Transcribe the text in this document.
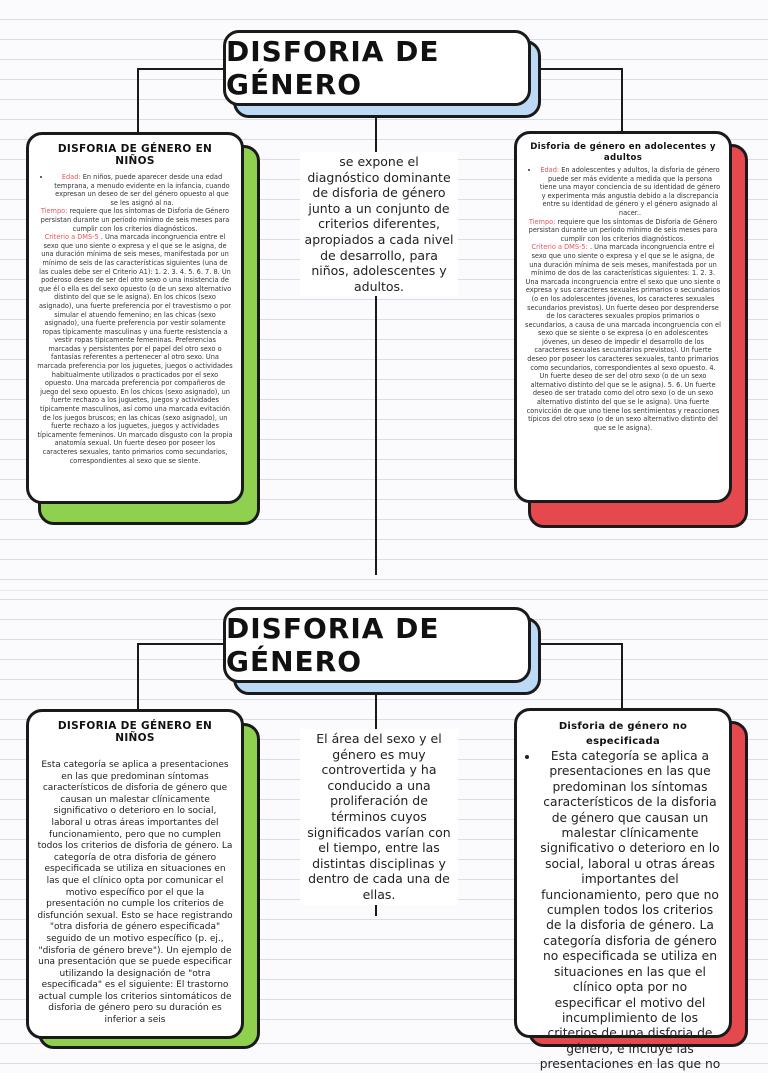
DISFORIA DE GÉNERO
DISFORIA DE GÉNERO EN NIÑOS
• Edad: En niños, puede aparecer desde una edad temprana, a menudo evidente en la infancia, cuando expresan un deseo de ser del género opuesto al que se les asignó al na.
Tiempo: requiere que los síntomas de Disforia de Género persistan durante un período mínimo de seis meses para cumplir con los criterios diagnósticos.
Criterio a DMS-5 . Una marcada incongruencia entre el sexo que uno siente o expresa y el que se le asigna, de una duración mínima de seis meses, manifestada por un mínimo de seis de las características siguientes (una de las cuales debe ser el Criterio A1): 1. 2. 3. 4. 5. 6. 7. 8. Un poderoso deseo de ser del otro sexo o una insistencia de que él o ella es del sexo opuesto (o de un sexo alternativo distinto del que se le asigna). En los chicos (sexo asignado), una fuerte preferencia por el travestismo o por simular el atuendo femenino; en las chicas (sexo asignado), una fuerte preferencia por vestir solamente ropas típicamente masculinas y una fuerte resistencia a vestir ropas típicamente femeninas. Preferencias marcadas y persistentes por el papel del otro sexo o fantasías referentes a pertenecer al otro sexo. Una marcada preferencia por los juguetes, juegos o actividades habitualmente utilizados o practicados por el sexo opuesto. Una marcada preferencia por compañeros de juego del sexo opuesto. En los chicos (sexo asignado), un fuerte rechazo a los juguetes, juegos y actividades típicamente masculinos, así como una marcada evitación de los juegos bruscos; en las chicas (sexo asignado), un fuerte rechazo a los juguetes, juegos y actividades típicamente femeninos. Un marcado disgusto con la propia anatomía sexual. Un fuerte deseo por poseer los caracteres sexuales, tanto primarios como secundarios, correspondientes al sexo que se siente.
se expone el diagnóstico dominante de disforia de género junto a un conjunto de criterios diferentes, apropiados a cada nivel de desarrollo, para niños, adolescentes y adultos.
Disforia de género en adolecentes y adultos
• Edad: En adolescentes y adultos, la disforia de género puede ser más evidente a medida que la persona tiene una mayor conciencia de su identidad de género y experimenta más angustia debido a la discrepancia entre su identidad de género y el género asignado al nacer..
Tiempo: requiere que los síntomas de Disforia de Género persistan durante un período mínimo de seis meses para cumplir con los criterios diagnósticos.
Criterio a DMS-5: . Una marcada incongruencia entre el sexo que uno siente o expresa y el que se le asigna, de una duración mínima de seis meses, manifestada por un mínimo de dos de las características siguientes: 1. 2. 3. Una marcada incongruencia entre el sexo que uno siente o expresa y sus caracteres sexuales primarios o secundarios (o en los adolescentes jóvenes, los caracteres sexuales secundarios previstos). Un fuerte deseo por desprenderse de los caracteres sexuales propios primarios o secundarios, a causa de una marcada incongruencia con el sexo que se siente o se expresa (o en adolescentes jóvenes, un deseo de impedir el desarrollo de los caracteres sexuales secundarios previstos). Un fuerte deseo por poseer los caracteres sexuales, tanto primarios como secundarios, correspondientes al sexo opuesto. 4. Un fuerte deseo de ser del otro sexo (o de un sexo alternativo distinto del que se le asigna). 5. 6. Un fuerte deseo de ser tratado como del otro sexo (o de un sexo alternativo distinto del que se le asigna). Una fuerte convicción de que uno tiene los sentimientos y reacciones típicos del otro sexo (o de un sexo alternativo distinto del que se le asigna).
DISFORIA DE GÉNERO
DISFORIA DE GÉNERO EN NIÑOS
Esta categoría se aplica a presentaciones en las que predominan síntomas característicos de disforia de género que causan un malestar clínicamente significativo o deterioro en lo social, laboral u otras áreas importantes del funcionamiento, pero que no cumplen todos los criterios de disforia de género. La categoría de otra disforia de género especificada se utiliza en situaciones en las que el clínico opta por comunicar el motivo específico por el que la presentación no cumple los criterios de disfunción sexual. Esto se hace registrando "otra disforia de género especificada" seguido de un motivo específico (p. ej., "disforia de género breve"). Un ejemplo de una presentación que se puede especificar utilizando la designación de "otra especificada" es el siguiente: El trastorno actual cumple los criterios sintomáticos de disforia de género pero su duración es inferior a seis
El área del sexo y el género es muy controvertida y ha conducido a una proliferación de términos cuyos significados varían con el tiempo, entre las distintas disciplinas y dentro de cada una de ellas.
Disforia de género no especificada
• Esta categoría se aplica a presentaciones en las que predominan los síntomas característicos de la disforia de género que causan un malestar clínicamente significativo o deterioro en lo social, laboral u otras áreas importantes del funcionamiento, pero que no cumplen todos los criterios de la disforia de género. La categoría disforia de género no especificada se utiliza en situaciones en las que el clínico opta por no especificar el motivo del incumplimiento de los criterios de una disforia de género, e incluye las presentaciones en las que no
